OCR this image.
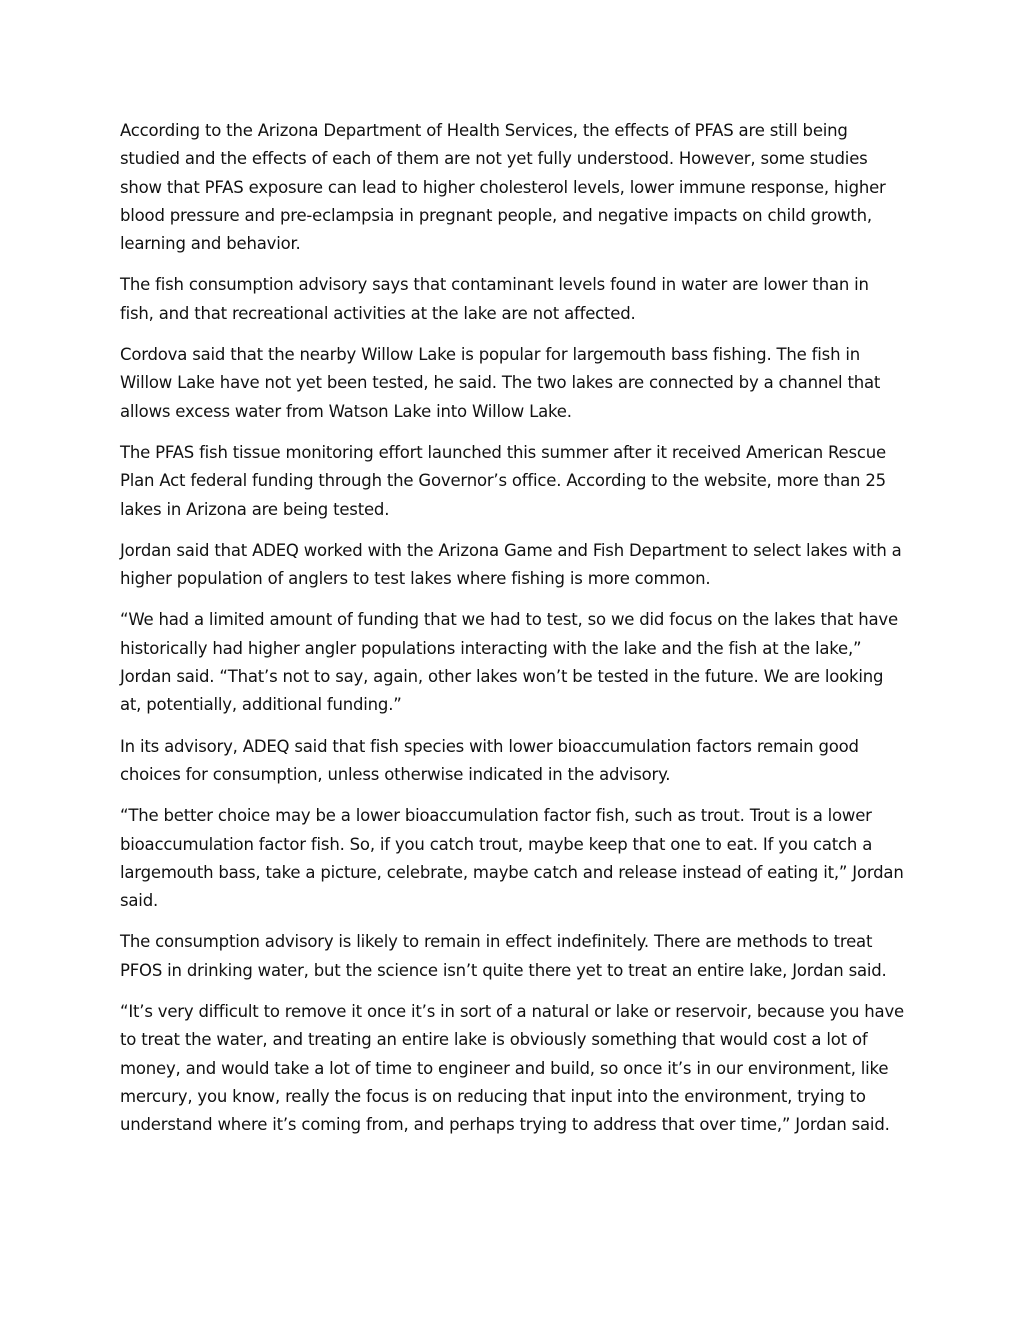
According to the Arizona Department of Health Services, the effects of PFAS are still being studied and the effects of each of them are not yet fully understood. However, some studies show that PFAS exposure can lead to higher cholesterol levels, lower immune response, higher blood pressure and pre-eclampsia in pregnant people, and negative impacts on child growth, learning and behavior.

The fish consumption advisory says that contaminant levels found in water are lower than in fish, and that recreational activities at the lake are not affected.

Cordova said that the nearby Willow Lake is popular for largemouth bass fishing. The fish in Willow Lake have not yet been tested, he said. The two lakes are connected by a channel that allows excess water from Watson Lake into Willow Lake.

The PFAS fish tissue monitoring effort launched this summer after it received American Rescue Plan Act federal funding through the Governor’s office. According to the website, more than 25 lakes in Arizona are being tested.

Jordan said that ADEQ worked with the Arizona Game and Fish Department to select lakes with a higher population of anglers to test lakes where fishing is more common.

“We had a limited amount of funding that we had to test, so we did focus on the lakes that have historically had higher angler populations interacting with the lake and the fish at the lake,” Jordan said. “That’s not to say, again, other lakes won’t be tested in the future. We are looking at, potentially, additional funding.”

In its advisory, ADEQ said that fish species with lower bioaccumulation factors remain good choices for consumption, unless otherwise indicated in the advisory.

“The better choice may be a lower bioaccumulation factor fish, such as trout. Trout is a lower bioaccumulation factor fish. So, if you catch trout, maybe keep that one to eat. If you catch a largemouth bass, take a picture, celebrate, maybe catch and release instead of eating it,” Jordan said.

The consumption advisory is likely to remain in effect indefinitely. There are methods to treat PFOS in drinking water, but the science isn’t quite there yet to treat an entire lake, Jordan said.

“It’s very difficult to remove it once it’s in sort of a natural or lake or reservoir, because you have to treat the water, and treating an entire lake is obviously something that would cost a lot of money, and would take a lot of time to engineer and build, so once it’s in our environment, like mercury, you know, really the focus is on reducing that input into the environment, trying to understand where it’s coming from, and perhaps trying to address that over time,” Jordan said.
